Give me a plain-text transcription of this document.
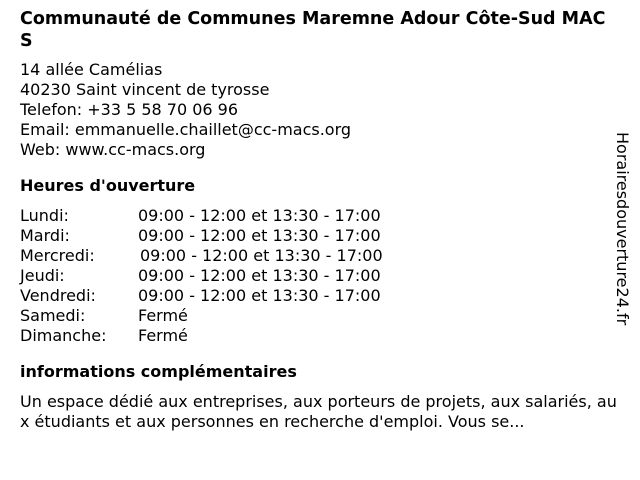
Communauté de Communes Maremne Adour Côte-Sud MACS
14 allée Camélias
40230 Saint vincent de tyrosse
Telefon: +33 5 58 70 06 96
Email: emmanuelle.chaillet@cc-macs.org
Web: www.cc-macs.org
Heures d'ouverture
Lundi:	09:00 - 12:00 et 13:30 - 17:00
Mardi:	09:00 - 12:00 et 13:30 - 17:00
Mercredi:	09:00 - 12:00 et 13:30 - 17:00
Jeudi:	09:00 - 12:00 et 13:30 - 17:00
Vendredi:	09:00 - 12:00 et 13:30 - 17:00
Samedi:	Fermé
Dimanche: Fermé
informations complémentaires
Un espace dédié aux entreprises, aux porteurs de projets, aux salariés, aux étudiants et aux personnes en recherche d'emploi. Vous se...
Horairesdouverture24.fr
